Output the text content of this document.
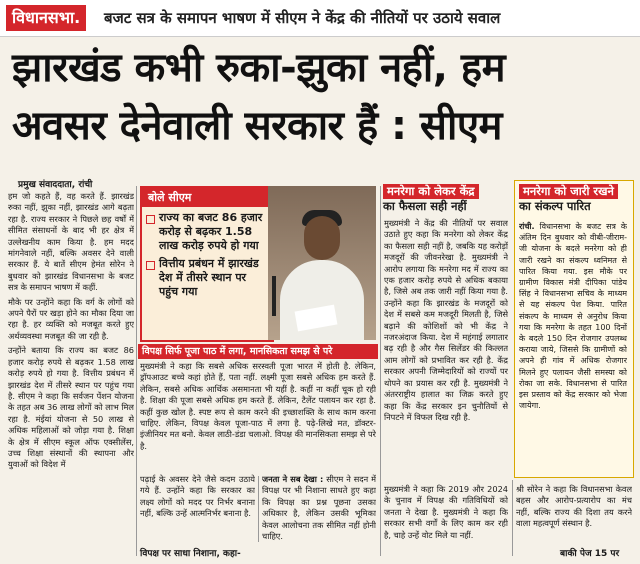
विधानसभा.	बजट सत्र के समापन भाषण में सीएम ने केंद्र की नीतियों पर उठाये सवाल
झारखंड कभी रुका-झुका नहीं, हम
अवसर देनेवाली सरकार हैं : सीएम
प्रमुख संवाददाता, रांची

हम जो कहते हैं, वह करते हैं. झारखंड रुका नहीं, झुका नहीं, झारखंड आगे बढ़ता रहा है. राज्य सरकार ने पिछले छह वर्षों में सीमित संसाधनों के बाद भी हर क्षेत्र में उल्लेखनीय काम किया है. हम मदद मांगनेवाले नहीं, बल्कि अवसर देने वाली सरकार हैं. ये बातें सीएम हेमंत सोरेन ने बुधवार को झारखंड विधानसभा के बजट सत्र के समापन भाषण में कहीं.

मौके पर उन्होंने कहा कि वर्ग के लोगों को अपने पैरों पर खड़ा होने का मौका दिया जा रहा है. हर व्यक्ति को मजबूत करते हुए अर्थव्यवस्था मजबूत की जा रही है.

उन्होंने बताया कि राज्य का बजट 86 हजार करोड़ रुपये से बढ़कर 1.58 लाख करोड़ रुपये हो गया है. वित्तीय प्रबंधन में झारखंड देश में तीसरे स्थान पर पहुंच गया है. सीएम ने कहा कि सर्वजन पेंशन योजना के तहत अब 36 लाख लोगों को लाभ मिल रहा है. मंईयां योजना से 50 लाख से अधिक महिलाओं को जोड़ा गया है. शिक्षा के क्षेत्र में सीएम स्कूल ऑफ एक्सीलेंस, उच्च शिक्षा संस्थानों की स्थापना और युवाओं को विदेश में

बोले सीएम
राज्य का बजट 86 हजार करोड़ से बढ़कर 1.58 लाख करोड़ रुपये हो गया
वित्तीय प्रबंधन में झारखंड देश में तीसरे स्थान पर पहुंच गया
विपक्ष सिर्फ पूजा पाठ में लगा, मानसिकता समझ से परे
मुख्यमंत्री ने कहा कि सबसे अधिक सरस्वती पूजा भारत में होती है. लेकिन, ड्रॉपआउट बच्चे कहां होते हैं, पता नहीं. लक्ष्मी पूजा सबसे अधिक हम करते हैं. लेकिन, सबसे अधिक आर्थिक असमानता भी यहीं है. कहीं ना कहीं चूक हो रही है. शिक्षा की पूजा सबसे अधिक हम करते हैं. लेकिन, टैलेंट पलायन कर रहा है. कहीं कुछ खोल है. स्पष्ट रूप से काम करने की इच्छाशक्ति के साथ काम करना चाहिए. लेकिन, विपक्ष केवल पूजा-पाठ में लगा है. पढ़े-लिखे मत, डॉक्टर-इंजीनियर मत बनो. केवल लाठी-डंडा चलाओ. विपक्ष की मानसिकता समझ से परे है.
पढ़ाई के अवसर देने जैसे कदम उठाये गये हैं. उन्होंने कहा कि सरकार का लक्ष्य लोगों को मदद पर निर्भर बनाना नहीं, बल्कि उन्हें आत्मनिर्भर बनाना है.
जनता ने सब देखा : सीएम ने सदन में विपक्ष पर भी निशाना साधते हुए कहा कि विपक्ष का प्रश्न पूछना उसका अधिकार है, लेकिन उसकी भूमिका केवल आलोचना तक सीमित नहीं होनी चाहिए.
विपक्ष पर साधा निशाना, कहा-
मनरेगा को लेकर केंद्र
का फैसला सही नहीं
मुख्यमंत्री ने केंद्र की नीतियों पर सवाल उठाते हुए कहा कि मनरेगा को लेकर केंद्र का फैसला सही नहीं है, जबकि यह करोड़ों मजदूरों की जीवनरेखा है. मुख्यमंत्री ने आरोप लगाया कि मनरेगा मद में राज्य का एक हजार करोड़ रुपये से अधिक बकाया है, जिसे अब तक जारी नहीं किया गया है. उन्होंने कहा कि झारखंड के मजदूरों को देश में सबसे कम मजदूरी मिलती है, जिसे बढ़ाने की कोशिशों को भी केंद्र ने नजरअंदाज किया. देश में महंगाई लगातार बढ़ रही है और गैस सिलेंडर की किल्लत आम लोगों को प्रभावित कर रही है. केंद्र सरकार अपनी जिम्मेदारियों को राज्यों पर थोपने का प्रयास कर रही है. मुख्यमंत्री ने अंतरराष्ट्रीय हालात का जिक्र करते हुए कहा कि केंद्र सरकार इन चुनौतियों से निपटने में विफल दिख रही है.
मुख्यमंत्री ने कहा कि 2019 और 2024 के चुनाव में विपक्ष की गतिविधियों को जनता ने देखा है. मुख्यमंत्री ने कहा कि सरकार सभी वर्गों के लिए काम कर रही है, चाहे उन्हें वोट मिले या नहीं.
मनरेगा को जारी रखने
का संकल्प पारित
रांची. विधानसभा के बजट सत्र के अंतिम दिन बुधवार को वीबी-जीराम-जी योजना के बदले मनरेगा को ही जारी रखने का संकल्प ध्वनिमत से पारित किया गया. इस मौके पर ग्रामीण विकास मंत्री दीपिका पांडेय सिंह ने विधानसभा सचिव के माध्यम से यह संकल्प पेश किया. पारित संकल्प के माध्यम से अनुरोध किया गया कि मनरेगा के तहत 100 दिनों के बदले 150 दिन रोजगार उपलब्ध कराया जाये, जिससे कि ग्रामीणों को अपने ही गांव में अधिक रोजगार मिलने हुए पलायन जैसी समस्या को रोका जा सके. विधानसभा से पारित इस प्रस्ताव को केंद्र सरकार को भेजा जायेगा.
श्री सोरेन ने कहा कि विधानसभा केवल बहस और आरोप-प्रत्यारोप का मंच नहीं, बल्कि राज्य की दिशा तय करने वाला महत्वपूर्ण संस्थान है.
बाकी पेज 15 पर
